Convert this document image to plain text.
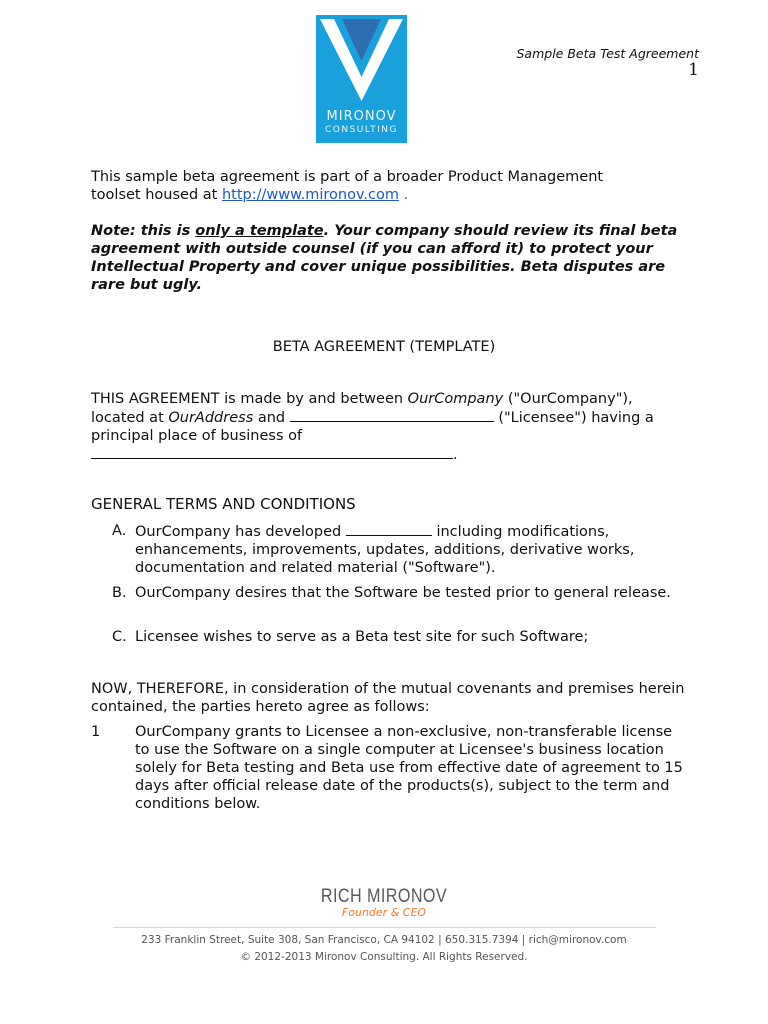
MIRONOV
CONSULTING
Sample Beta Test Agreement
1
This sample beta agreement is part of a broader Product Management
toolset housed at http://www.mironov.com .
Note: this is only a template. Your company should review its final beta agreement with outside counsel (if you can afford it) to protect your Intellectual Property and cover unique possibilities. Beta disputes are rare but ugly.
BETA AGREEMENT (TEMPLATE)
THIS AGREEMENT is made by and between OurCompany ("OurCompany"),
located at OurAddress and	("Licensee") having a
principal place of business of
.
GENERAL TERMS AND CONDITIONS
A. OurCompany has developed	including modifications,
enhancements, improvements, updates, additions, derivative works, documentation and related material ("Software").
B. OurCompany desires that the Software be tested prior to general release.
C. Licensee wishes to serve as a Beta test site for such Software;
NOW, THEREFORE, in consideration of the mutual covenants and premises herein contained, the parties hereto agree as follows:
1 OurCompany grants to Licensee a non-exclusive, non-transferable license to use the Software on a single computer at Licensee's business location solely for Beta testing and Beta use from effective date of agreement to 15 days after official release date of the products(s), subject to the term and conditions below.
RICH MIRONOV
Founder & CEO
233 Franklin Street, Suite 308, San Francisco, CA 94102 | 650.315.7394 | rich@mironov.com
© 2012-2013 Mironov Consulting. All Rights Reserved.
